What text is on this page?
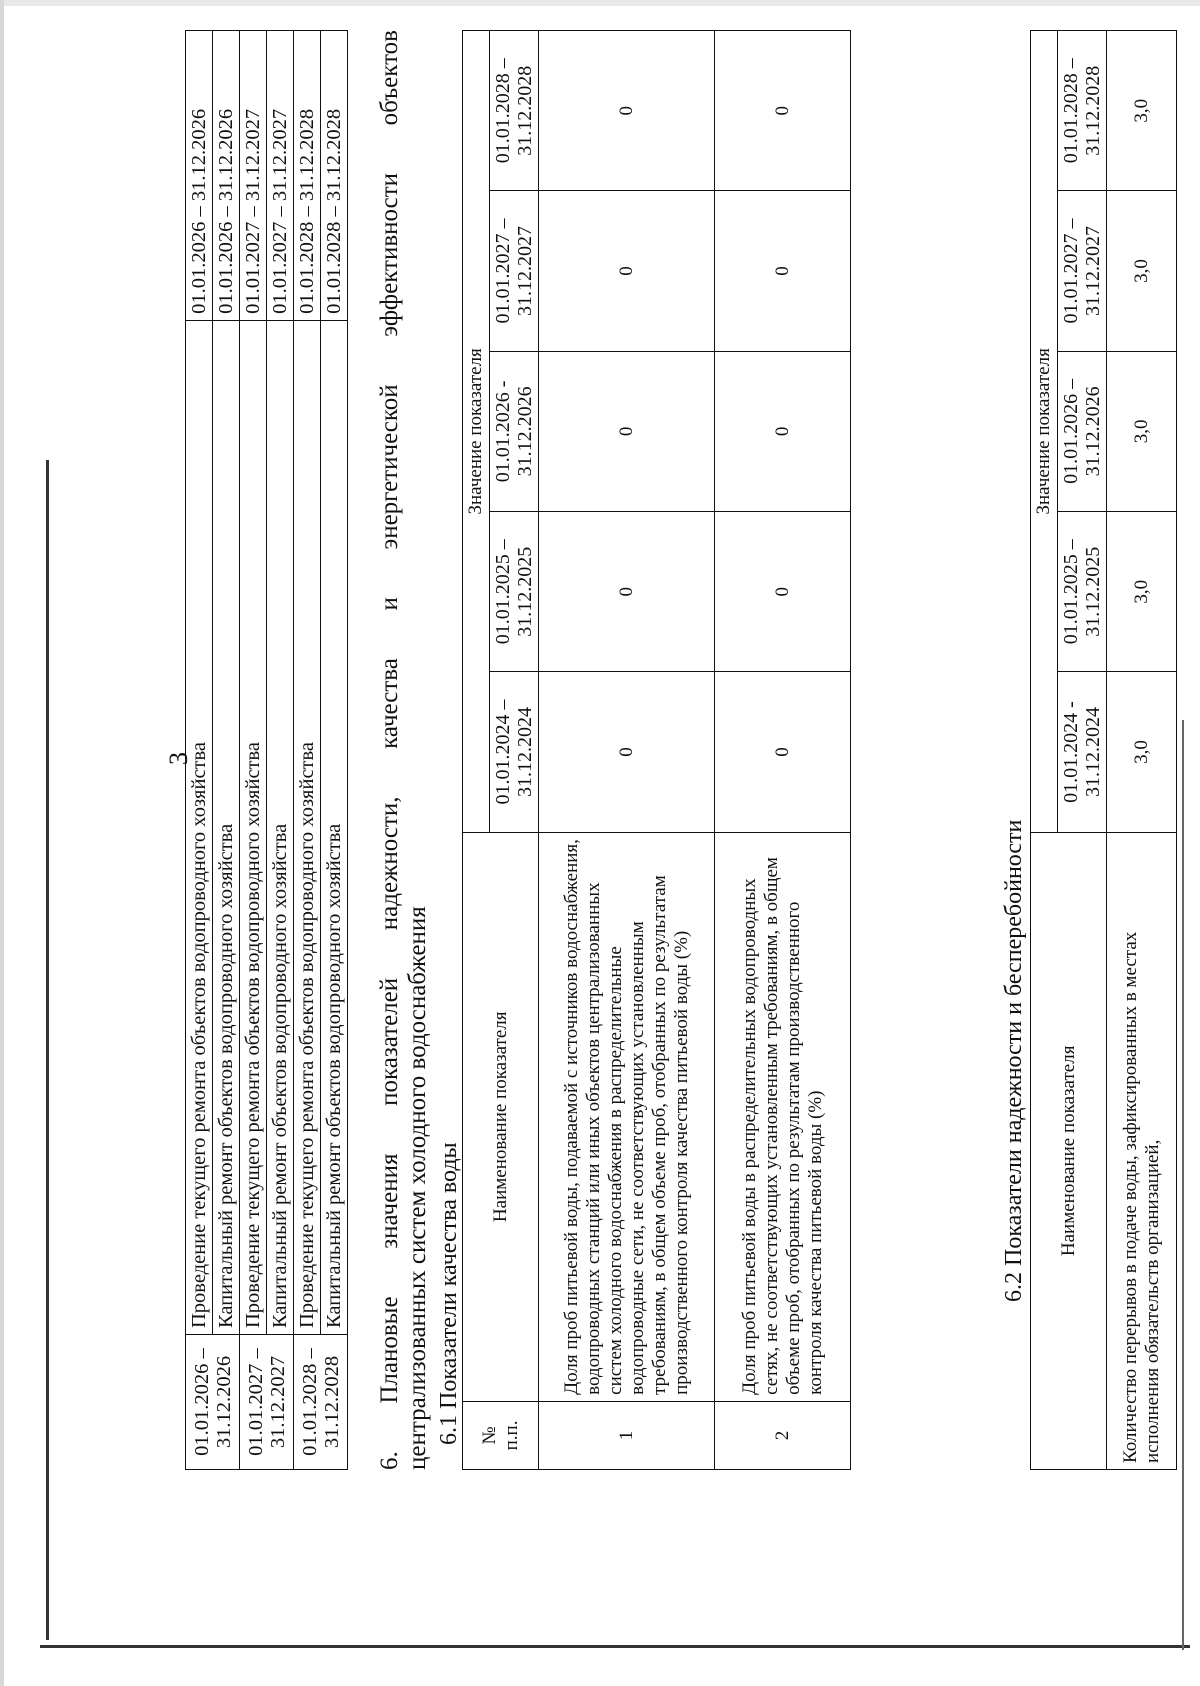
3
01.01.2026 –
31.12.2026	Проведение текущего ремонта объектов водопроводного хозяйства	01.01.2026 – 31.12.2026
	Капитальный ремонт объектов водопроводного хозяйства	01.01.2026 – 31.12.2026
01.01.2027 –
31.12.2027	Проведение текущего ремонта объектов водопроводного хозяйства	01.01.2027 – 31.12.2027
	Капитальный ремонт объектов водопроводного хозяйства	01.01.2027 – 31.12.2027
01.01.2028 –
31.12.2028	Проведение текущего ремонта объектов водопроводного хозяйства	01.01.2028 – 31.12.2028
	Капитальный ремонт объектов водопроводного хозяйства	01.01.2028 – 31.12.2028 6. Плановые значения показателей надежности, качества и энергетической эффективности объектов централизованных систем холодного водоснабжения 6.1 Показатели качества воды №
п.п.	Наименование показателя	Значение показателя				
		01.01.2024 –
31.12.2024	01.01.2025 –
31.12.2025	01.01.2026 -
31.12.2026	01.01.2027 –
31.12.2027	01.01.2028 –
31.12.2028
1	Доля проб питьевой воды, подаваемой с источников водоснабжения, водопроводных станций или иных объектов централизованных систем холодного водоснабжения в распределительные водопроводные сети, не соответствующих установленным требованиям, в общем объеме проб, отобранных по результатам производственного контроля качества питьевой воды (%)	0	0	0	0	0
2	Доля проб питьевой воды в распределительных водопроводных сетях, не соответствующих установленным требованиям, в общем объеме проб, отобранных по результатам производственного контроля качества питьевой воды (%)	0	0	0	0	0
6.2 Показатели надежности и бесперебойности Наименование показателя	Значение показателя				
	01.01.2024 -
31.12.2024	01.01.2025 –
31.12.2025	01.01.2026 –
31.12.2026	01.01.2027 –
31.12.2027	01.01.2028 –
31.12.2028
Количество перерывов в подаче воды, зафиксированных в местах исполнения обязательств организацией,	3,0	3,0	3,0	3,0	3,0
